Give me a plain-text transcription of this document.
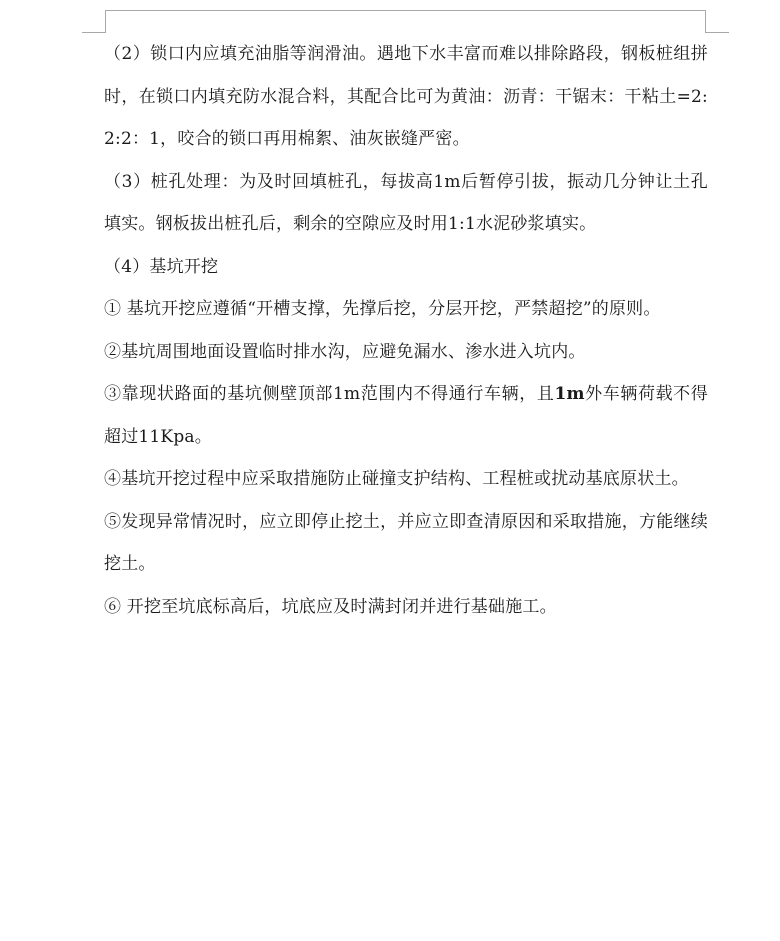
（2）锁口内应填充油脂等润滑油。遇地下水丰富而难以排除路段，钢板桩组拼时，在锁口内填充防水混合料，其配合比可为黄油：沥青：干锯末：干粘土=2:2:2：1，咬合的锁口再用棉絮、油灰嵌缝严密。

（3）桩孔处理：为及时回填桩孔，每拔高1m后暂停引拔，振动几分钟让土孔填实。钢板拔出桩孔后，剩余的空隙应及时用1:1水泥砂浆填实。

（4）基坑开挖

① 基坑开挖应遵循“开槽支撑，先撑后挖，分层开挖，严禁超挖”的原则。

②基坑周围地面设置临时排水沟，应避免漏水、渗水进入坑内。

③靠现状路面的基坑侧壁顶部1m范围内不得通行车辆，且1m外车辆荷载不得超过11Kpa。

④基坑开挖过程中应采取措施防止碰撞支护结构、工程桩或扰动基底原状土。

⑤发现异常情况时，应立即停止挖土，并应立即查清原因和采取措施，方能继续挖土。

⑥ 开挖至坑底标高后，坑底应及时满封闭并进行基础施工。
